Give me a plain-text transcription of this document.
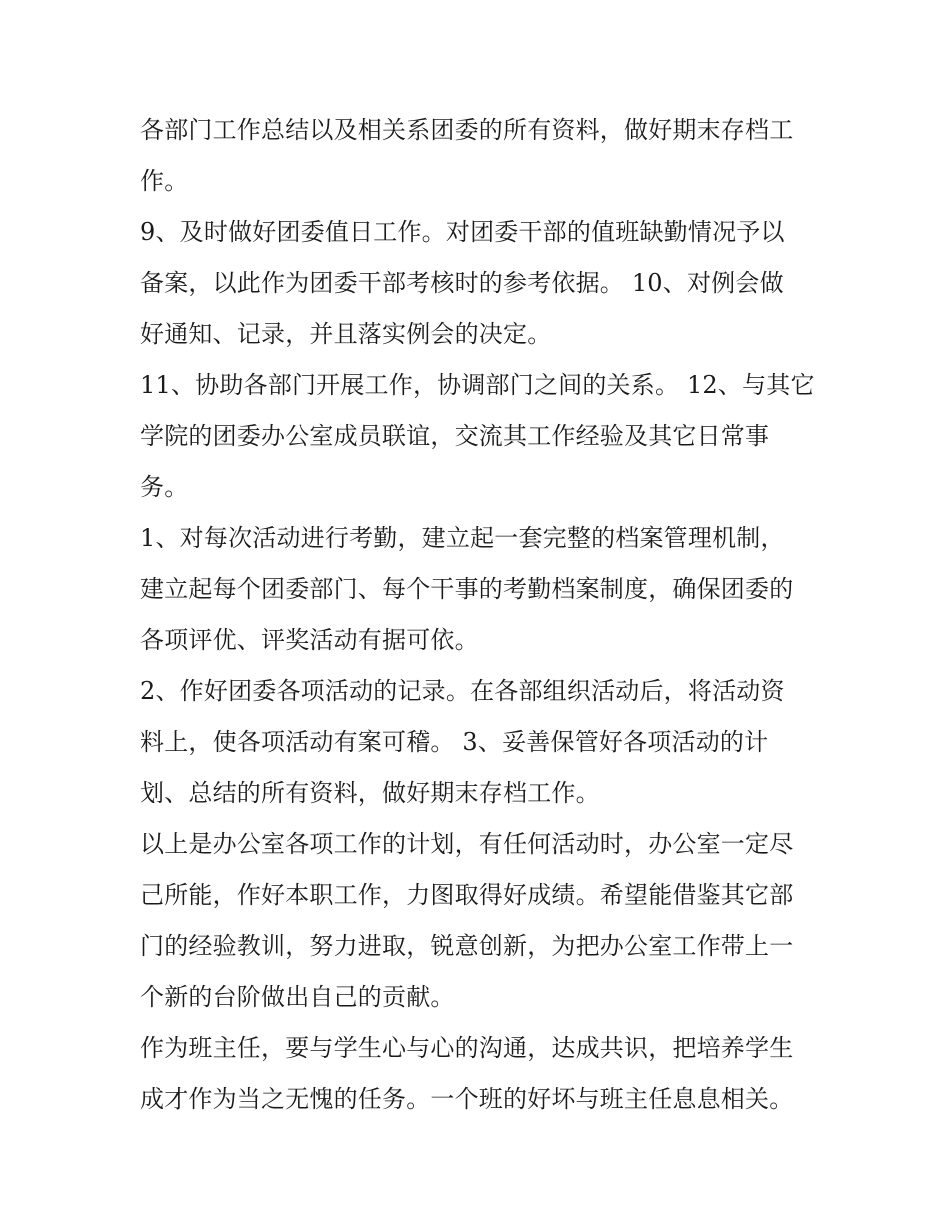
各部门工作总结以及相关系团委的所有资料，做好期末存档工
作。
9、及时做好团委值日工作。对团委干部的值班缺勤情况予以
备案，以此作为团委干部考核时的参考依据。 10、对例会做
好通知、记录，并且落实例会的决定。
11、协助各部门开展工作，协调部门之间的关系。 12、与其它
学院的团委办公室成员联谊，交流其工作经验及其它日常事
务。
1、对每次活动进行考勤，建立起一套完整的档案管理机制，
建立起每个团委部门、每个干事的考勤档案制度，确保团委的
各项评优、评奖活动有据可依。
2、作好团委各项活动的记录。在各部组织活动后，将活动资
料上，使各项活动有案可稽。 3、妥善保管好各项活动的计
划、总结的所有资料，做好期末存档工作。
以上是办公室各项工作的计划，有任何活动时，办公室一定尽
己所能，作好本职工作，力图取得好成绩。希望能借鉴其它部
门的经验教训，努力进取，锐意创新，为把办公室工作带上一
个新的台阶做出自己的贡献。
作为班主任，要与学生心与心的沟通，达成共识，把培养学生
成才作为当之无愧的任务。一个班的好坏与班主任息息相关。
